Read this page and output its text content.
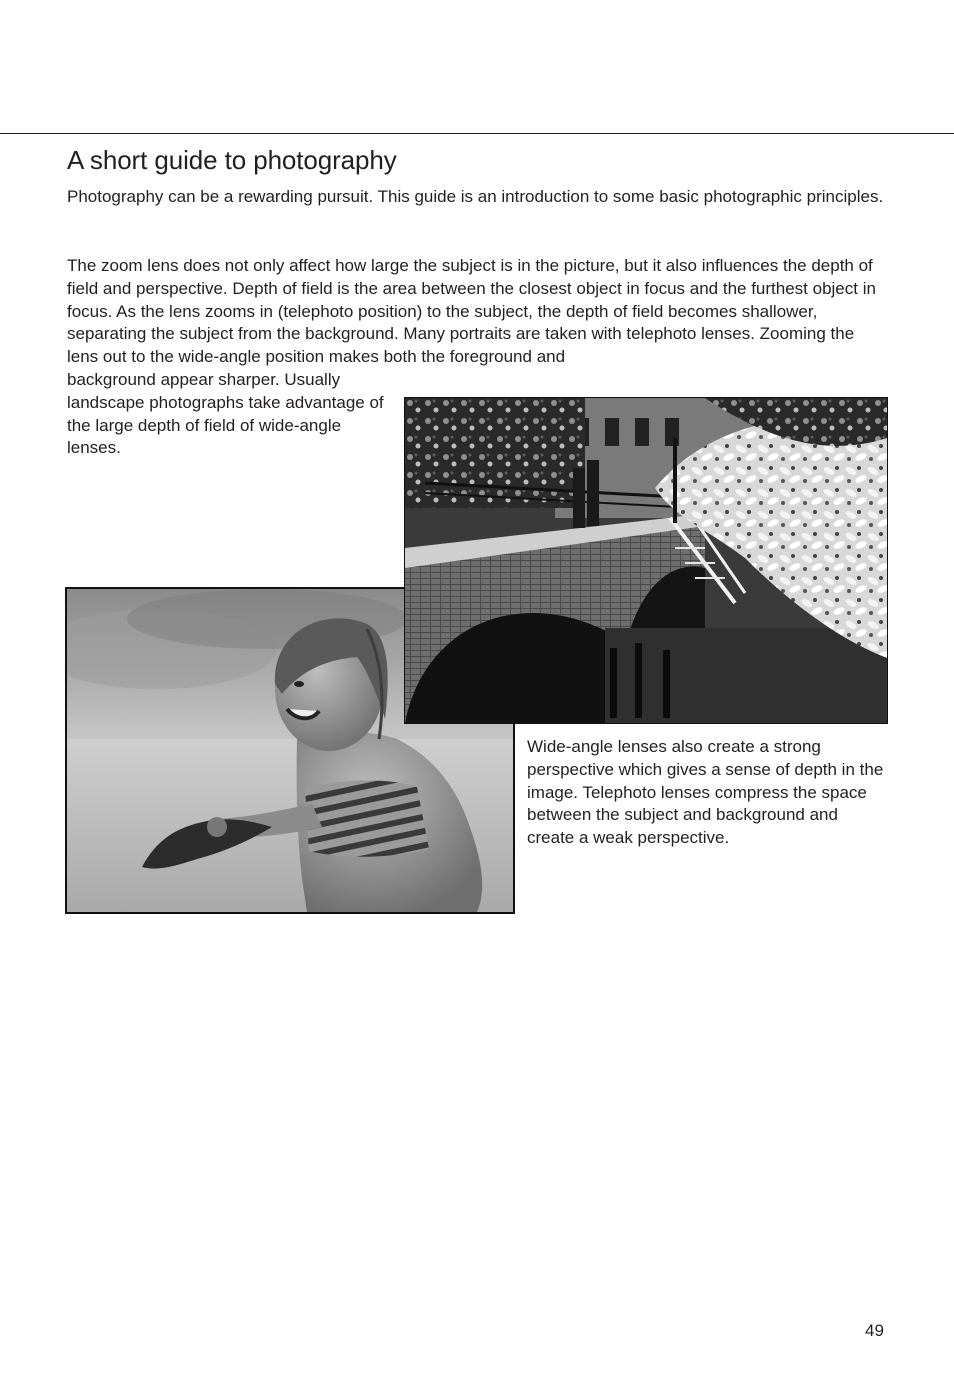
A short guide to photography

Photography can be a rewarding pursuit. This guide is an introduction to some basic photographic principles.

The zoom lens does not only affect how large the subject is in the picture, but it also influences the depth of field and perspective. Depth of field is the area between the closest object in focus and the furthest object in focus. As the lens zooms in (telephoto position) to the subject, the depth of field becomes shallower, separating the subject from the background. Many portraits are taken with telephoto lenses. Zooming the lens out to the wide-angle position makes both the foreground and

background appear sharper. Usually landscape photographs take advantage of the large depth of field of wide-angle lenses.

Wide-angle lenses also create a strong perspective which gives a sense of depth in the image. Telephoto lenses compress the space between the subject and background and create a weak perspective.

49
